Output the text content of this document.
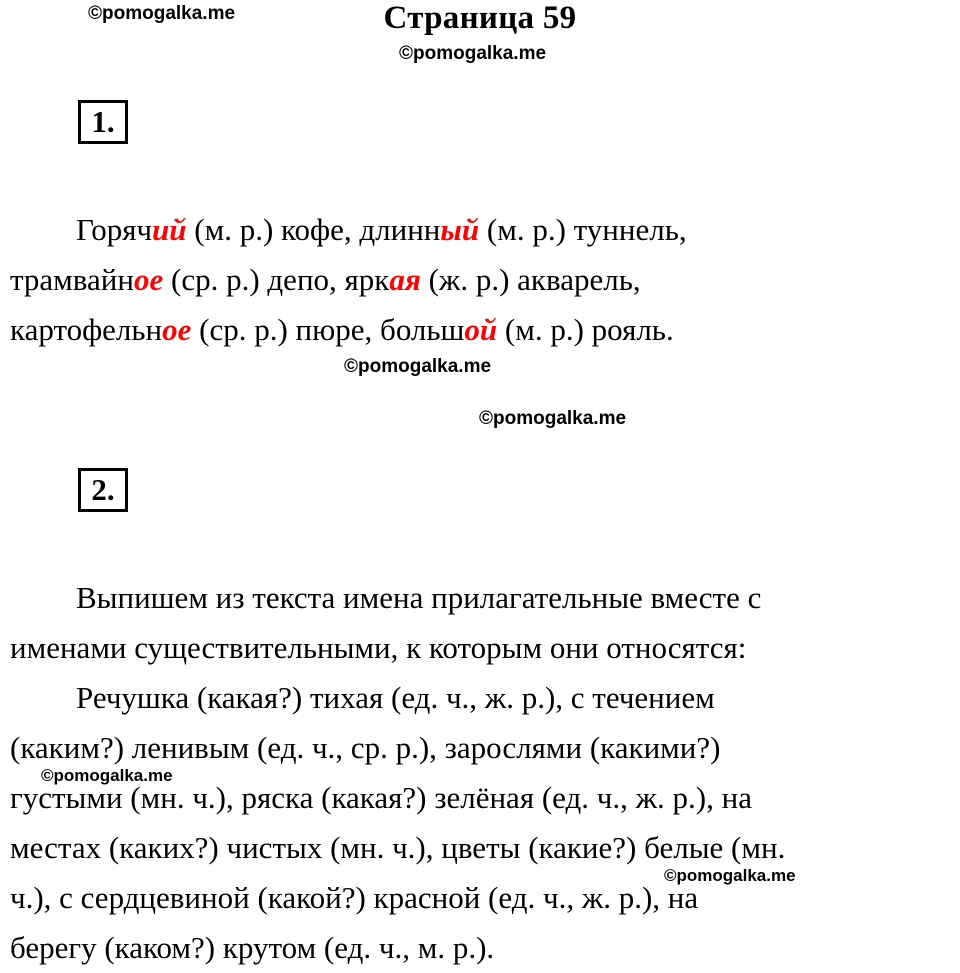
Страница 59
©pomogalka.me
©pomogalka.me
©pomogalka.me
©pomogalka.me
©pomogalka.me
©pomogalka.me
1.
Горячий (м. р.) кофе, длинный (м. р.) туннель,
трамвайное (ср. р.) депо, яркая (ж. р.) акварель,
картофельное (ср. р.) пюре, большой (м. р.) рояль.
2.
Выпишем из текста имена прилагательные вместе с
именами существительными, к которым они относятся:
Речушка (какая?) тихая (ед. ч., ж. р.), с течением
(каким?) ленивым (ед. ч., ср. р.), зарослями (какими?)
густыми (мн. ч.), ряска (какая?) зелёная (ед. ч., ж. р.), на
местах (каких?) чистых (мн. ч.), цветы (какие?) белые (мн.
ч.), с сердцевиной (какой?) красной (ед. ч., ж. р.), на
берегу (каком?) крутом (ед. ч., м. р.).
